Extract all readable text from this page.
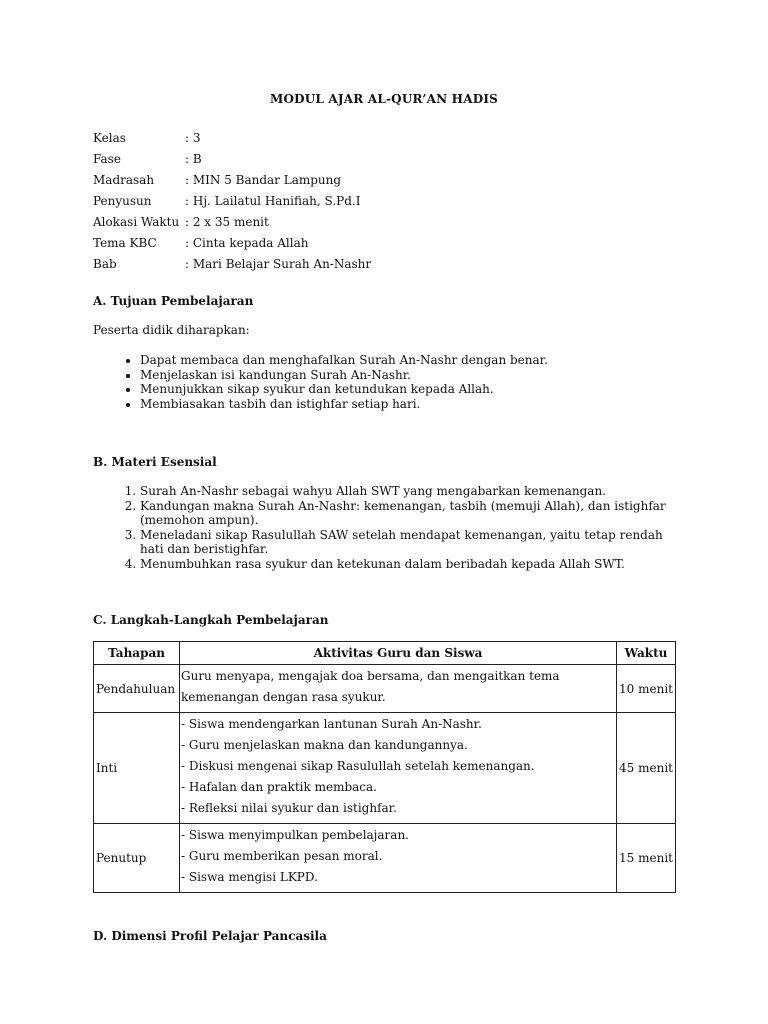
MODUL AJAR AL-QUR’AN HADIS
Kelas	: 3
Fase	: B
Madrasah	: MIN 5 Bandar Lampung
Penyusun	: Hj. Lailatul Hanifiah, S.Pd.I
Alokasi Waktu : 2 x 35 menit
Tema KBC : Cinta kepada Allah
Bab	: Mari Belajar Surah An-Nashr
A. Tujuan Pembelajaran
Peserta didik diharapkan:
• Dapat membaca dan menghafalkan Surah An-Nashr dengan benar.
• Menjelaskan isi kandungan Surah An-Nashr.
• Menunjukkan sikap syukur dan ketundukan kepada Allah.
• Membiasakan tasbih dan istighfar setiap hari.
B. Materi Esensial
1. Surah An-Nashr sebagai wahyu Allah SWT yang mengabarkan kemenangan.
2. Kandungan makna Surah An-Nashr: kemenangan, tasbih (memuji Allah), dan istighfar (memohon ampun).
3. Meneladani sikap Rasulullah SAW setelah mendapat kemenangan, yaitu tetap rendah hati dan beristighfar.
4. Menumbuhkan rasa syukur dan ketekunan dalam beribadah kepada Allah SWT.
C. Langkah-Langkah Pembelajaran
Tahapan	Aktivitas Guru dan Siswa	Waktu
Pendahuluan	Guru menyapa, mengajak doa bersama, dan mengaitkan tema
kemenangan dengan rasa syukur.	10 menit
Inti	- Siswa mendengarkan lantunan Surah An-Nashr.
- Guru menjelaskan makna dan kandungannya.
- Diskusi mengenai sikap Rasulullah setelah kemenangan.
- Hafalan dan praktik membaca.
- Refleksi nilai syukur dan istighfar.	45 menit
Penutup	- Siswa menyimpulkan pembelajaran.
- Guru memberikan pesan moral.
- Siswa mengisi LKPD.	15 menit
D. Dimensi Profil Pelajar Pancasila
